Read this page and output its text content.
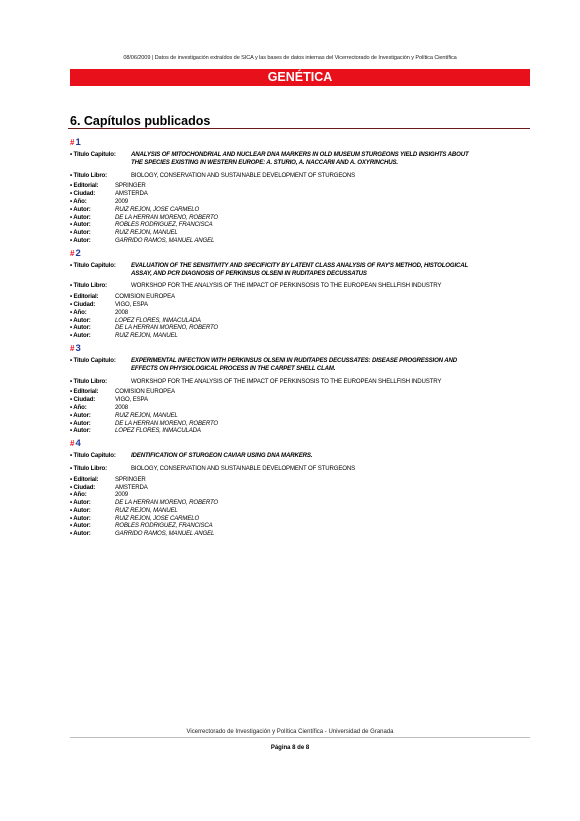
08/06/2009 | Datos de investigación extraídos de SICA y las bases de datos internas del Vicerrectorado de Investigación y Política Científica
GENÉTICA
6. Capítulos publicados
#1
• Titulo Capitulo:	ANALYSIS OF MITOCHONDRIAL AND NUCLEAR DNA MARKERS IN OLD MUSEUM STURGEONS YIELD INSIGHTS ABOUT THE SPECIES EXISTING IN WESTERN EUROPE: A. STURIO, A. NACCARII AND A. OXYRINCHUS.
• Titulo Libro:	BIOLOGY, CONSERVATION AND SUSTAINABLE DEVELOPMENT OF STURGEONS
• Editorial:	SPRINGER
• Ciudad:	AMSTERDA
• Año:	2009
• Autor:	RUIZ REJON, JOSE CARMELO
• Autor:	DE LA HERRAN MORENO, ROBERTO
• Autor:	ROBLES RODRIGUEZ, FRANCISCA
• Autor:	RUIZ REJON, MANUEL
• Autor:	GARRIDO RAMOS, MANUEL ANGEL
#2
• Titulo Capitulo:	EVALUATION OF THE SENSITIVITY AND SPECIFICITY BY LATENT CLASS ANALYSIS OF RAY'S METHOD, HISTOLOGICAL ASSAY, AND PCR DIAGNOSIS OF PERKINSUS OLSENI IN RUDITAPES DECUSSATUS
• Titulo Libro:	WORKSHOP FOR THE ANALYSIS OF THE IMPACT OF PERKINSOSIS TO THE EUROPEAN SHELLFISH INDUSTRY
• Editorial:	COMISION EUROPEA
• Ciudad:	VIGO, ESPA
• Año:	2008
• Autor:	LOPEZ FLORES, INMACULADA
• Autor:	DE LA HERRAN MORENO, ROBERTO
• Autor:	RUIZ REJON, MANUEL
#3
• Titulo Capitulo:	EXPERIMENTAL INFECTION WITH PERKINSUS OLSENI IN RUDITAPES DECUSSATES: DISEASE PROGRESSION AND EFFECTS ON PHYSIOLOGICAL PROCESS IN THE CARPET SHELL CLAM.
• Titulo Libro:	WORKSHOP FOR THE ANALYSIS OF THE IMPACT OF PERKINSOSIS TO THE EUROPEAN SHELLFISH INDUSTRY
• Editorial:	COMISION EUROPEA
• Ciudad:	VIGO, ESPA
• Año:	2008
• Autor:	RUIZ REJON, MANUEL
• Autor:	DE LA HERRAN MORENO, ROBERTO
• Autor:	LOPEZ FLORES, INMACULADA
#4
• Titulo Capitulo:	IDENTIFICATION OF STURGEON CAVIAR USING DNA MARKERS.
• Titulo Libro:	BIOLOGY, CONSERVATION AND SUSTAINABLE DEVELOPMENT OF STURGEONS
• Editorial:	SPRINGER
• Ciudad:	AMSTERDA
• Año:	2009
• Autor:	DE LA HERRAN MORENO, ROBERTO
• Autor:	RUIZ REJON, MANUEL
• Autor:	RUIZ REJON, JOSE CARMELO
• Autor:	ROBLES RODRIGUEZ, FRANCISCA
• Autor:	GARRIDO RAMOS, MANUEL ANGEL
Vicerrectorado de Investigación y Política Científica - Universidad de Granada
Página 8 de 8
